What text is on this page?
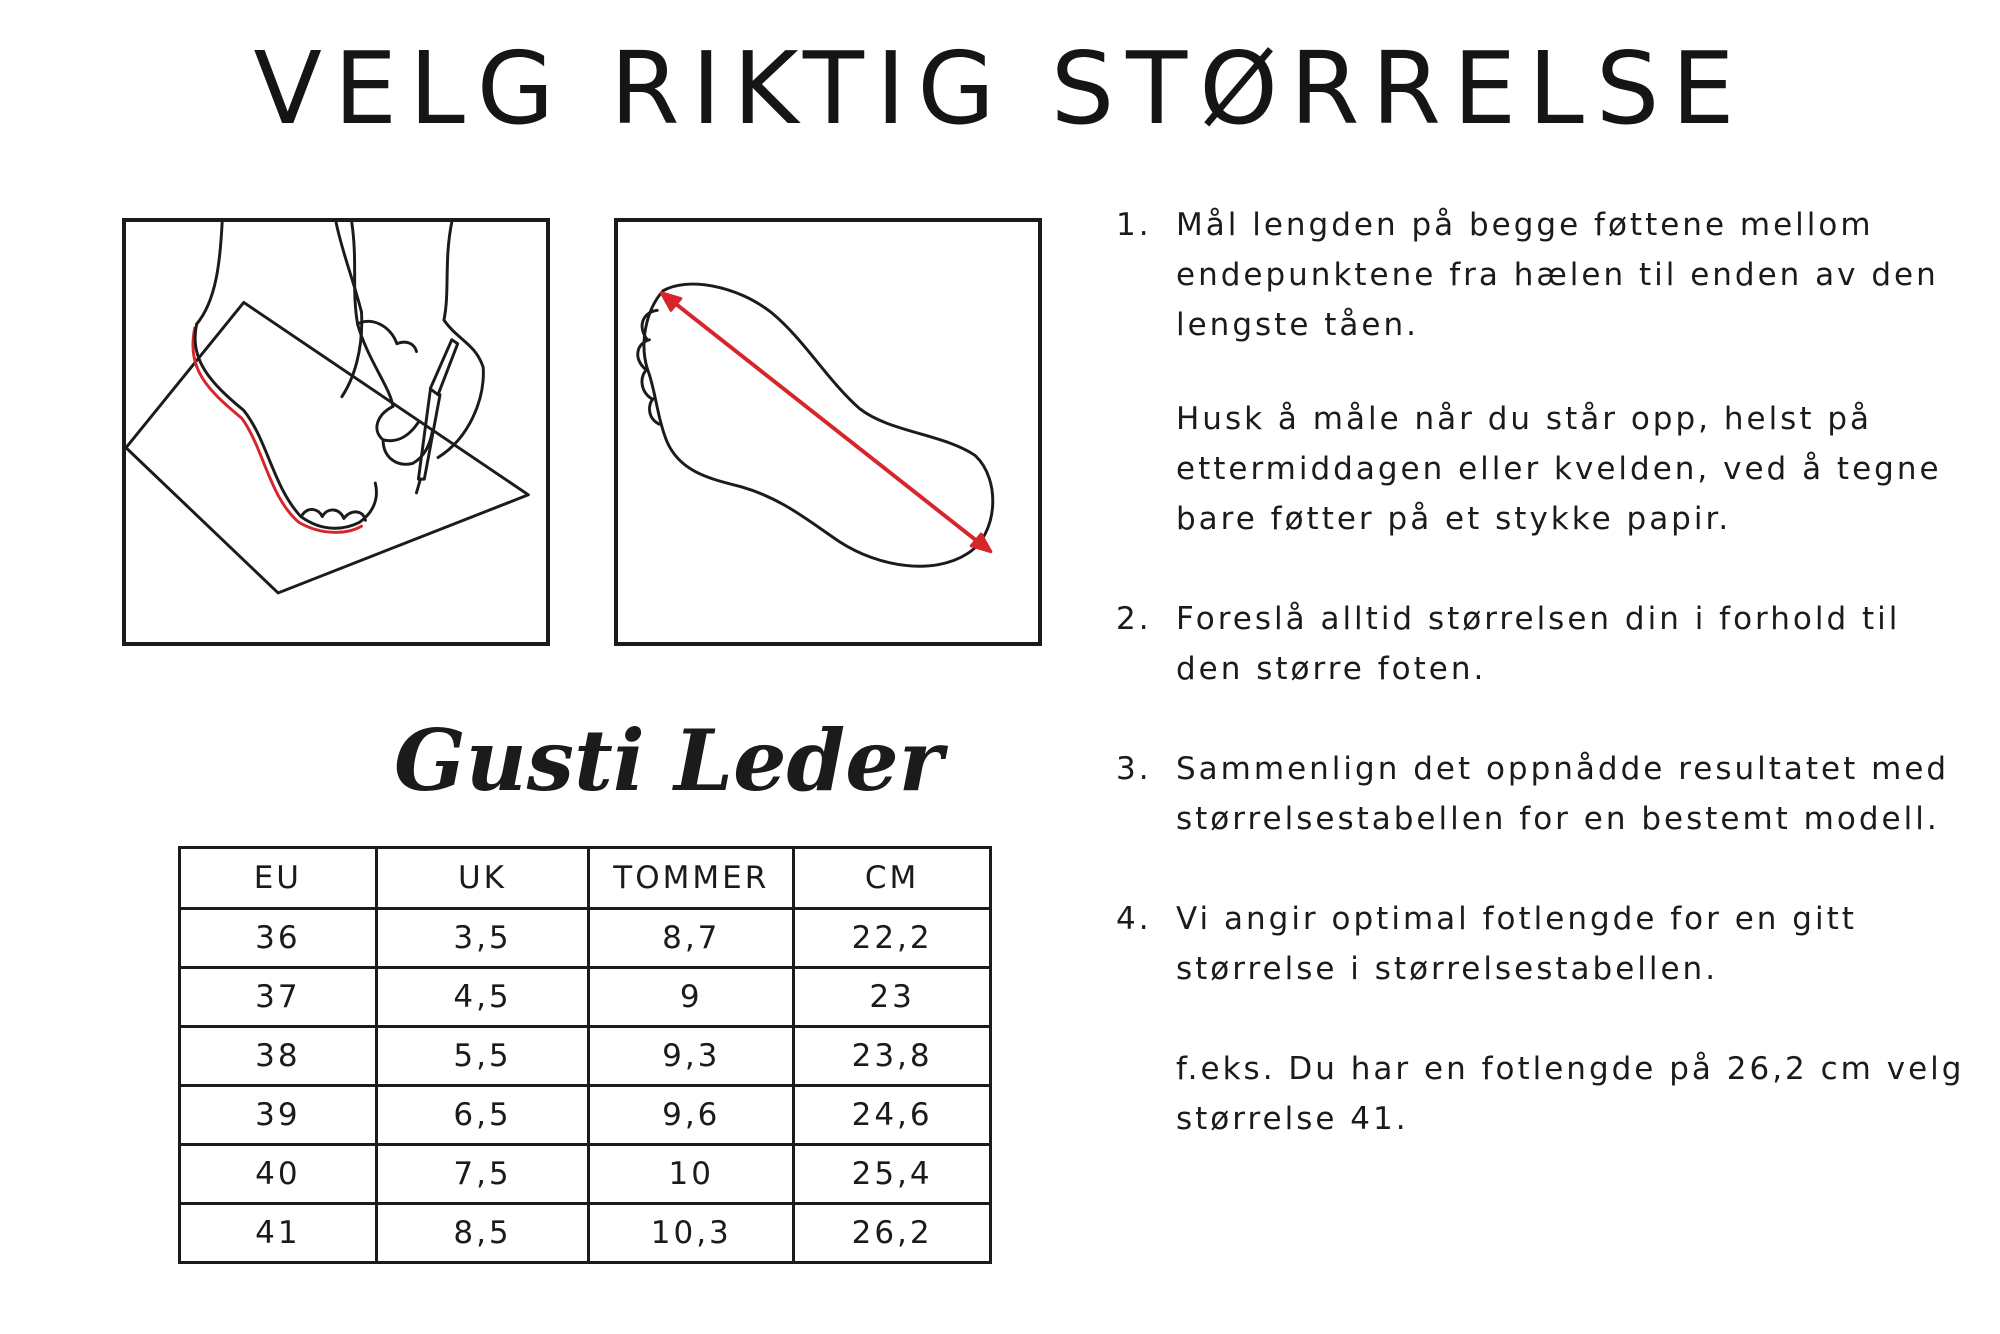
VELG RIKTIG STØRRELSE
Gusti Leder
EU	UK	TOMMER	CM
36	3,5	8,7	22,2
37	4,5	9	23
38	5,5	9,3	23,8
39	6,5	9,6	24,6
40	7,5	10	25,4
41	8,5	10,3	26,2
1. Mål lengden på begge føttene mellom endepunktene fra hælen til enden av den lengste tåen.

Husk å måle når du står opp, helst på ettermiddagen eller kvelden, ved å tegne bare føtter på et stykke papir.

2. Foreslå alltid størrelsen din i forhold til den større foten.

3. Sammenlign det oppnådde resultatet med størrelsestabellen for en bestemt modell.

4. Vi angir optimal fotlengde for en gitt størrelse i størrelsestabellen.

f.eks. Du har en fotlengde på 26,2 cm velg størrelse 41.
